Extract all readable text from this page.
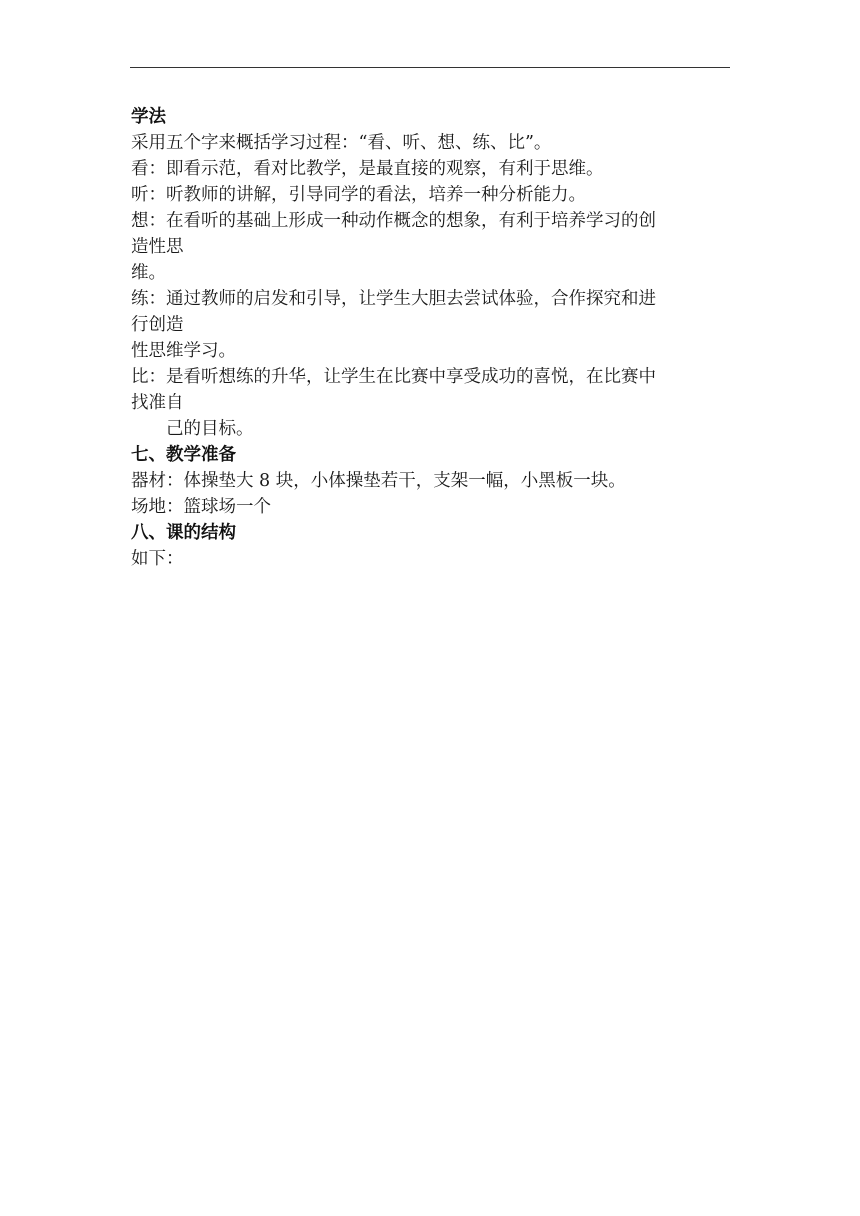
学法

采用五个字来概括学习过程：“看、听、想、练、比”。

看：即看示范，看对比教学，是最直接的观察，有利于思维。

听：听教师的讲解，引导同学的看法，培养一种分析能力。

想：在看听的基础上形成一种动作概念的想象，有利于培养学习的创

造性思

维。

练：通过教师的启发和引导，让学生大胆去尝试体验，合作探究和进

行创造

性思维学习。

比：是看听想练的升华，让学生在比赛中享受成功的喜悦，在比赛中

找准自

己的目标。

七、教学准备

器材：体操垫大 8 块，小体操垫若干，支架一幅，小黑板一块。

场地：篮球场一个

八、课的结构

如下：
